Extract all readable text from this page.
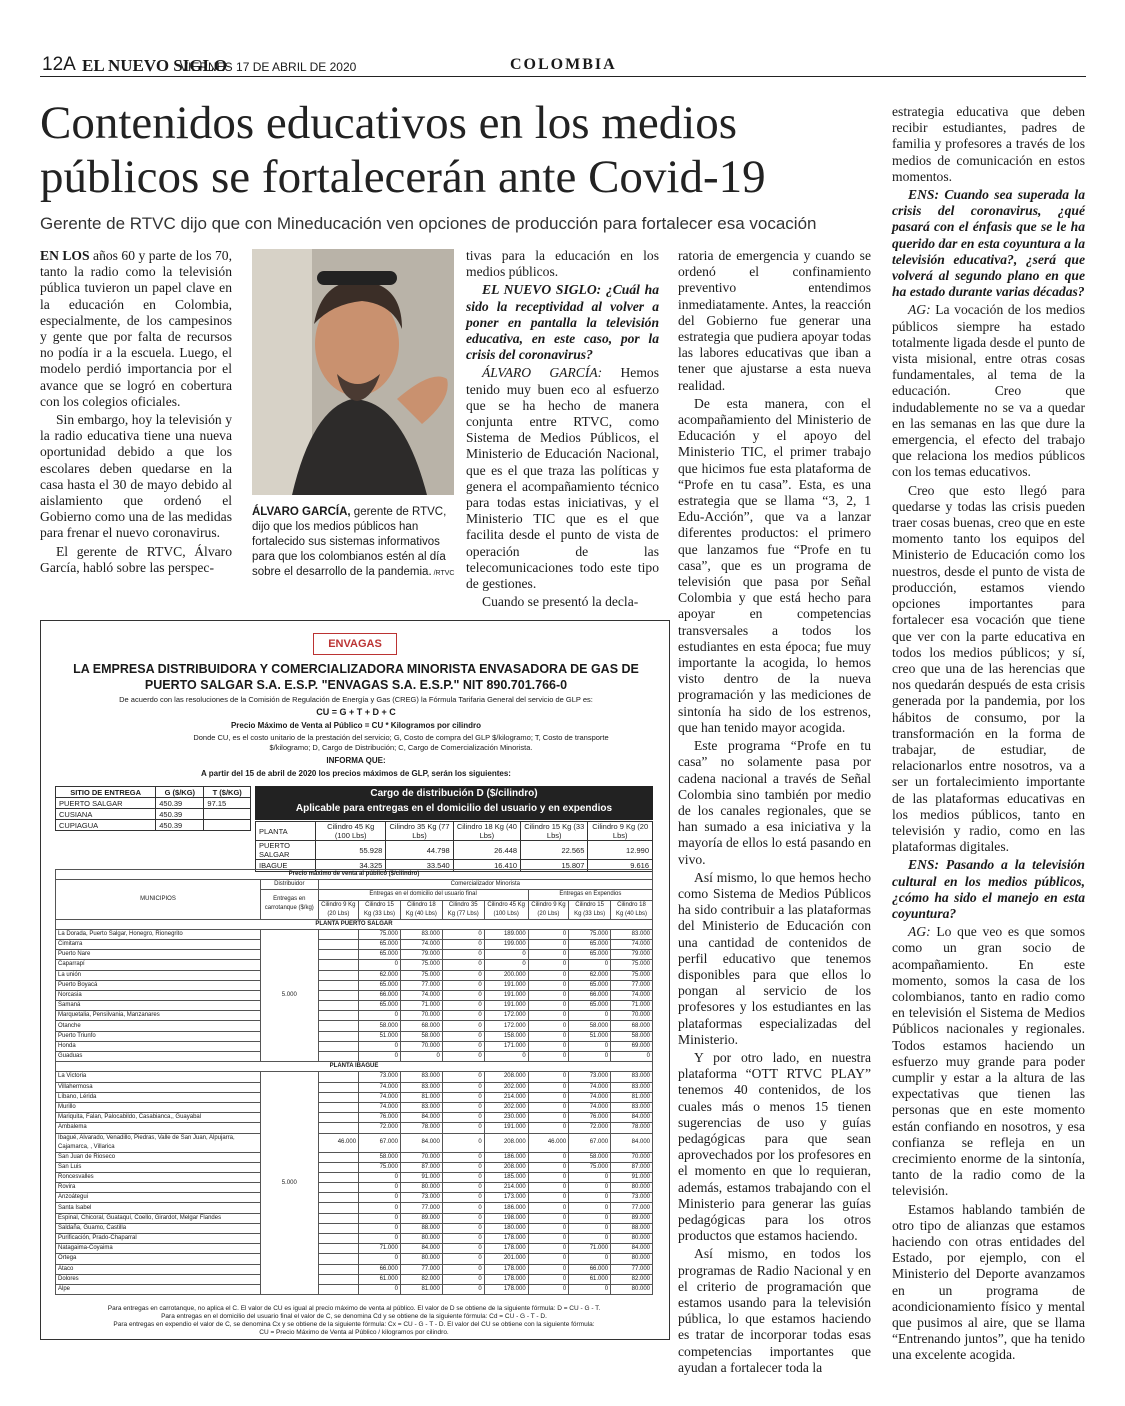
12A EL NUEVO SIGLO
VIERNES 17 DE ABRIL DE 2020	COLOMBIA
Contenidos educativos en los medios públicos se fortalecerán ante Covid-19
Gerente de RTVC dijo que con Mineducación ven opciones de producción para fortalecer esa vocación

EN LOS años 60 y parte de los 70, tanto la radio como la televisión pública tuvieron un papel clave en la educación en Colombia, especialmente, de los campesinos y gente que por falta de recursos no podía ir a la escuela. Luego, el modelo perdió importancia por el avance que se logró en cobertura con los colegios oficiales.

Sin embargo, hoy la televisión y la radio educativa tiene una nueva oportunidad debido a que los escolares deben quedarse en la casa hasta el 30 de mayo debido al aislamiento que ordenó el Gobierno como una de las medidas para frenar el nuevo coronavirus.

El gerente de RTVC, Álvaro García, habló sobre las perspec-

ÁLVARO GARCÍA, gerente de RTVC, dijo que los medios públicos han fortalecido sus sistemas informativos para que los colombianos estén al día sobre el desarrollo de la pandemia. /RTVC

tivas para la educación en los medios públicos.

EL NUEVO SIGLO: ¿Cuál ha sido la receptividad al volver a poner en pantalla la televisión educativa, en este caso, por la crisis del coronavirus?

ÁLVARO GARCÍA: Hemos tenido muy buen eco al esfuerzo que se ha hecho de manera conjunta entre RTVC, como Sistema de Medios Públicos, el Ministerio de Educación Nacional, que es el que traza las políticas y genera el acompañamiento técnico para todas estas iniciativas, y el Ministerio TIC que es el que facilita desde el punto de vista de operación de las telecomunicaciones todo este tipo de gestiones.

Cuando se presentó la decla-

ratoria de emergencia y cuando se ordenó el confinamiento preventivo entendimos inmediatamente. Antes, la reacción del Gobierno fue generar una estrategia que pudiera apoyar todas las labores educativas que iban a tener que ajustarse a esta nueva realidad.

De esta manera, con el acompañamiento del Ministerio de Educación y el apoyo del Ministerio TIC, el primer trabajo que hicimos fue esta plataforma de “Profe en tu casa”. Esta, es una estrategia que se llama “3, 2, 1 Edu-Acción”, que va a lanzar diferentes productos: el primero que lanzamos fue “Profe en tu casa”, que es un programa de televisión que pasa por Señal Colombia y que está hecho para apoyar en competencias transversales a todos los estudiantes en esta época; fue muy importante la acogida, lo hemos visto dentro de la nueva programación y las mediciones de sintonía ha sido de los estrenos, que han tenido mayor acogida.

Este programa “Profe en tu casa” no solamente pasa por cadena nacional a través de Señal Colombia sino también por medio de los canales regionales, que se han sumado a esa iniciativa y la mayoría de ellos lo está pasando en vivo.

Así mismo, lo que hemos hecho como Sistema de Medios Públicos ha sido contribuir a las plataformas del Ministerio de Educación con una cantidad de contenidos de perfil educativo que tenemos disponibles para que ellos lo pongan al servicio de los profesores y los estudiantes en las plataformas especializadas del Ministerio.

Y por otro lado, en nuestra plataforma “OTT RTVC PLAY” tenemos 40 contenidos, de los cuales más o menos 15 tienen sugerencias de uso y guías pedagógicas para que sean aprovechados por los profesores en el momento en que lo requieran, además, estamos trabajando con el Ministerio para generar las guías pedagógicas para los otros productos que estamos haciendo.

Así mismo, en todos los programas de Radio Nacional y en el criterio de programación que estamos usando para la televisión pública, lo que estamos haciendo es tratar de incorporar todas esas competencias importantes que ayudan a fortalecer toda la

estrategia educativa que deben recibir estudiantes, padres de familia y profesores a través de los medios de comunicación en estos momentos.

ENS: Cuando sea superada la crisis del coronavirus, ¿qué pasará con el énfasis que se le ha querido dar en esta coyuntura a la televisión educativa?, ¿será que volverá al segundo plano en que ha estado durante varias décadas?

AG: La vocación de los medios públicos siempre ha estado totalmente ligada desde el punto de vista misional, entre otras cosas fundamentales, al tema de la educación. Creo que indudablemente no se va a quedar en las semanas en las que dure la emergencia, el efecto del trabajo que relaciona los medios públicos con los temas educativos.

Creo que esto llegó para quedarse y todas las crisis pueden traer cosas buenas, creo que en este momento tanto los equipos del Ministerio de Educación como los nuestros, desde el punto de vista de producción, estamos viendo opciones importantes para fortalecer esa vocación que tiene que ver con la parte educativa en todos los medios públicos; y sí, creo que una de las herencias que nos quedarán después de esta crisis generada por la pandemia, por los hábitos de consumo, por la transformación en la forma de trabajar, de estudiar, de relacionarlos entre nosotros, va a ser un fortalecimiento importante de las plataformas educativas en los medios públicos, tanto en televisión y radio, como en las plataformas digitales.

ENS: Pasando a la televisión cultural en los medios públicos, ¿cómo ha sido el manejo en esta coyuntura?

AG: Lo que veo es que somos como un gran socio de acompañamiento. En este momento, somos la casa de los colombianos, tanto en radio como en televisión el Sistema de Medios Públicos nacionales y regionales. Todos estamos haciendo un esfuerzo muy grande para poder cumplir y estar a la altura de las expectativas que tienen las personas que en este momento están confiando en nosotros, y esa confianza se refleja en un crecimiento enorme de la sintonía, tanto de la radio como de la televisión.

Estamos hablando también de otro tipo de alianzas que estamos haciendo con otras entidades del Estado, por ejemplo, con el Ministerio del Deporte avanzamos en un programa de acondicionamiento físico y mental que pusimos al aire, que se llama “Entrenando juntos”, que ha tenido una excelente acogida.

ENVAGAS
LA EMPRESA DISTRIBUIDORA Y COMERCIALIZADORA MINORISTA ENVASADORA DE GAS DE PUERTO SALGAR S.A. E.S.P. "ENVAGAS S.A. E.S.P." NIT 890.701.766-0
De acuerdo con las resoluciones de la Comisión de Regulación de Energía y Gas (CREG) la Fórmula Tarifaria General del servicio de GLP es:
CU = G + T + D + C
Precio Máximo de Venta al Público = CU * Kilogramos por cilindro
Donde CU, es el costo unitario de la prestación del servicio; G, Costo de compra del GLP $/kilogramo; T, Costo de transporte $/kilogramo; D, Cargo de Distribución; C, Cargo de Comercialización Minorista.
INFORMA QUE:
A partir del 15 de abril de 2020 los precios máximos de GLP, serán los siguientes:
SITIO DE ENTREGA	G ($/KG)	T ($/KG)
PUERTO SALGAR	450.39	97.15
CUSIANA	450.39	
CUPIAGUA	450.39	
Cargo de distribución D ($/cilindro)
Aplicable para entregas en el domicilio del usuario y en expendios
PLANTA	Cilindro 45 Kg (100 Lbs)	Cilindro 35 Kg (77 Lbs)	Cilindro 18 Kg (40 Lbs)	Cilindro 15 Kg (33 Lbs)	Cilindro 9 Kg (20 Lbs)
PUERTO SALGAR	55.928	44.798	26.448	22.565	12.990
IBAGUE	34.325	33.540	16.410	15.807	9.616
Precio máximo de venta al público ($/cilindro)									
MUNICIPIOS	Distribuidor	Comercializador Minorista							
	Entregas en carrotanque ($/kg)	Entregas en el domicilio del usuario final					Entregas en Expendios		
		Cilindro 9 Kg (20 Lbs)	Cilindro 15 Kg (33 Lbs)	Cilindro 18 Kg (40 Lbs)	Cilindro 35 Kg (77 Lbs)	Cilindro 45 Kg (100 Lbs)	Cilindro 9 Kg (20 Lbs)	Cilindro 15 Kg (33 Lbs)	Cilindro 18 Kg (40 Lbs)
PLANTA PUERTO SALGAR									
La Dorada, Puerto Salgar, Honegro, Rionegrito	5.000		75.000	83.000	0	189.000	0	75.000	83.000
Cimitarra			65.000	74.000	0	199.000	0	65.000	74.000
Puerto Nare			65.000	79.000	0	0	0	65.000	79.000
Caparrapí			0	75.000	0	0	0	0	75.000
La unión			62.000	75.000	0	200.000	0	62.000	75.000
Puerto Boyacá			65.000	77.000	0	191.000	0	65.000	77.000
Norcasia			66.000	74.000	0	191.000	0	66.000	74.000
Samaná			65.000	71.000	0	191.000	0	65.000	71.000
Marquetalia, Pensilvania, Manzanares			0	70.000	0	172.000	0	0	70.000
Otanche			58.000	68.000	0	172.000	0	58.000	68.000
Puerto Triunfo			51.000	58.000	0	158.000	0	51.000	58.000
Honda			0	70.000	0	171.000	0	0	69.000
Guaduas			0	0	0	0	0	0	0
PLANTA IBAGUE									
La Victoria	5.000		73.000	83.000	0	208.000	0	73.000	83.000
Villahermosa			74.000	83.000	0	202.000	0	74.000	83.000
Líbano, Lérida			74.000	81.000	0	214.000	0	74.000	81.000
Murillo			74.000	83.000	0	202.000	0	74.000	83.000
Mariquita, Falan, Palocabildo, Casabianca,, Guayabal			76.000	84.000	0	230.000	0	76.000	84.000
Ambalema			72.000	78.000	0	191.000	0	72.000	78.000
Ibagué, Alvarado, Venadillo, Piedras, Valle de San Juan, Alpujarra, Cajamarca, , Villarica		46.000	67.000	84.000	0	208.000	46.000	67.000	84.000
San Juan de Rioseco			58.000	70.000	0	186.000	0	58.000	70.000
San Luis			75.000	87.000	0	208.000	0	75.000	87.000
Roncesvalles			0	91.000	0	185.000	0	0	91.000
Rovira			0	80.000	0	214.000	0	0	80.000
Anzoátegui			0	73.000	0	173.000	0	0	73.000
Santa Isabel			0	77.000	0	186.000	0	0	77.000
Espinal, Chicoral, Guataquí, Coello, Girardot, Melgar Flandes			0	89.000	0	198.000	0	0	89.000
Saldaña, Guamo, Castilla			0	88.000	0	180.000	0	0	88.000
Purificación, Prado-Chaparral			0	80.000	0	178.000	0	0	80.000
Natagaima-Coyaima			71.000	84.000	0	178.000	0	71.000	84.000
Ortega			0	80.000	0	201.000	0	0	80.000
Ataco			66.000	77.000	0	178.000	0	66.000	77.000
Dolores			61.000	82.000	0	178.000	0	61.000	82.000
Alpe			0	81.000	0	178.000	0	0	80.000
Para entregas en carrotanque, no aplica el C. El valor de CU es igual al precio máximo de venta al público. El valor de D se obtiene de la siguiente fórmula: D = CU - G - T.
Para entregas en el domicilio del usuario final el valor de C, se denomina Cd y se obtiene de la siguiente fórmula: Cd = CU - G - T - D.
Para entregas en expendio el valor de C, se denomina Cx y se obtiene de la siguiente fórmula: Cx = CU - G - T - D. El valor del CU se obtiene con la siguiente fórmula:
CU = Precio Máximo de Venta al Público / kilogramos por cilindro.
